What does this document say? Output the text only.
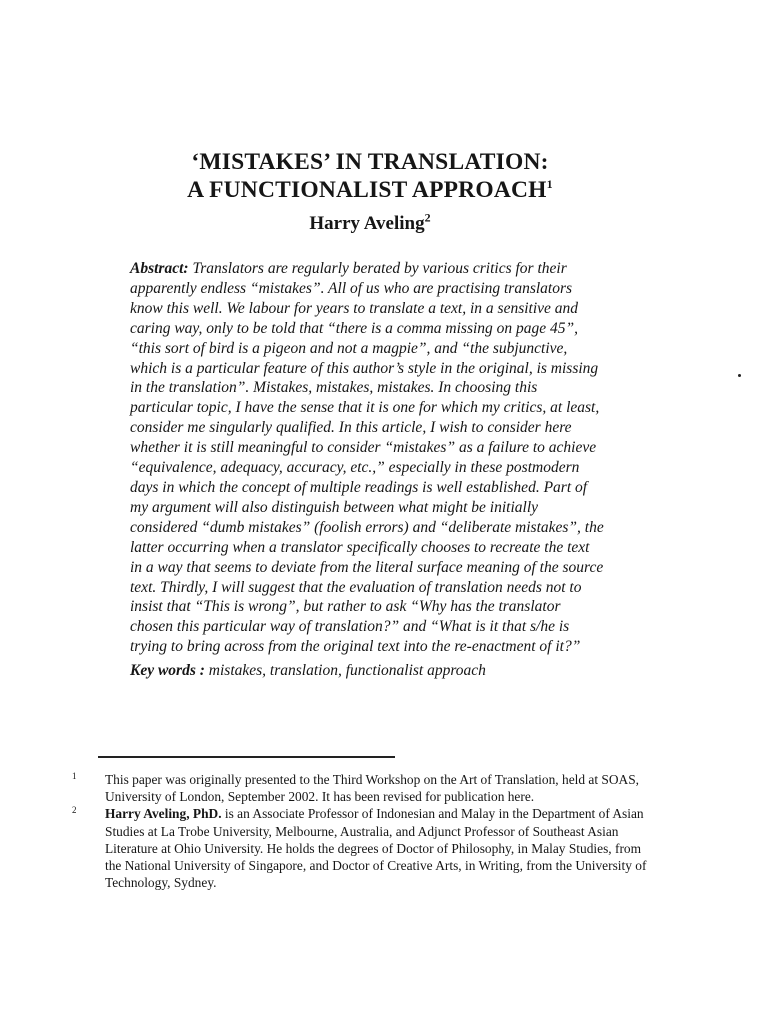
‘MISTAKES’ IN TRANSLATION:
A FUNCTIONALIST APPROACH$^1$
Harry Aveling$^2$
Abstract: Translators are regularly berated by various critics for their apparently endless “mistakes”. All of us who are practising translators know this well. We labour for years to translate a text, in a sensitive and caring way, only to be told that “there is a comma missing on page 45”, “this sort of bird is a pigeon and not a magpie”, and “the subjunctive, which is a particular feature of this author’s style in the original, is missing in the translation”. Mistakes, mistakes, mistakes. In choosing this particular topic, I have the sense that it is one for which my critics, at least, consider me singularly qualified. In this article, I wish to consider here whether it is still meaningful to consider “mistakes” as a failure to achieve “equivalence, adequacy, accuracy, etc.,” especially in these postmodern days in which the concept of multiple readings is well established. Part of my argument will also distinguish between what might be initially considered “dumb mistakes” (foolish errors) and “deliberate mistakes”, the latter occurring when a translator specifically chooses to recreate the text in a way that seems to deviate from the literal surface meaning of the source text. Thirdly, I will suggest that the evaluation of translation needs not to insist that “This is wrong”, but rather to ask “Why has the translator chosen this particular way of translation?” and “What is it that s/he is trying to bring across from the original text into the re-enactment of it?”
Key words : mistakes, translation, functionalist approach
1 This paper was originally presented to the Third Workshop on the Art of Translation, held at SOAS, University of London, September 2002. It has been revised for publication here.
2 Harry Aveling, PhD. is an Associate Professor of Indonesian and Malay in the Department of Asian Studies at La Trobe University, Melbourne, Australia, and Adjunct Professor of Southeast Asian Literature at Ohio University. He holds the degrees of Doctor of Philosophy, in Malay Studies, from the National University of Singapore, and Doctor of Creative Arts, in Writing, from the University of Technology, Sydney.
